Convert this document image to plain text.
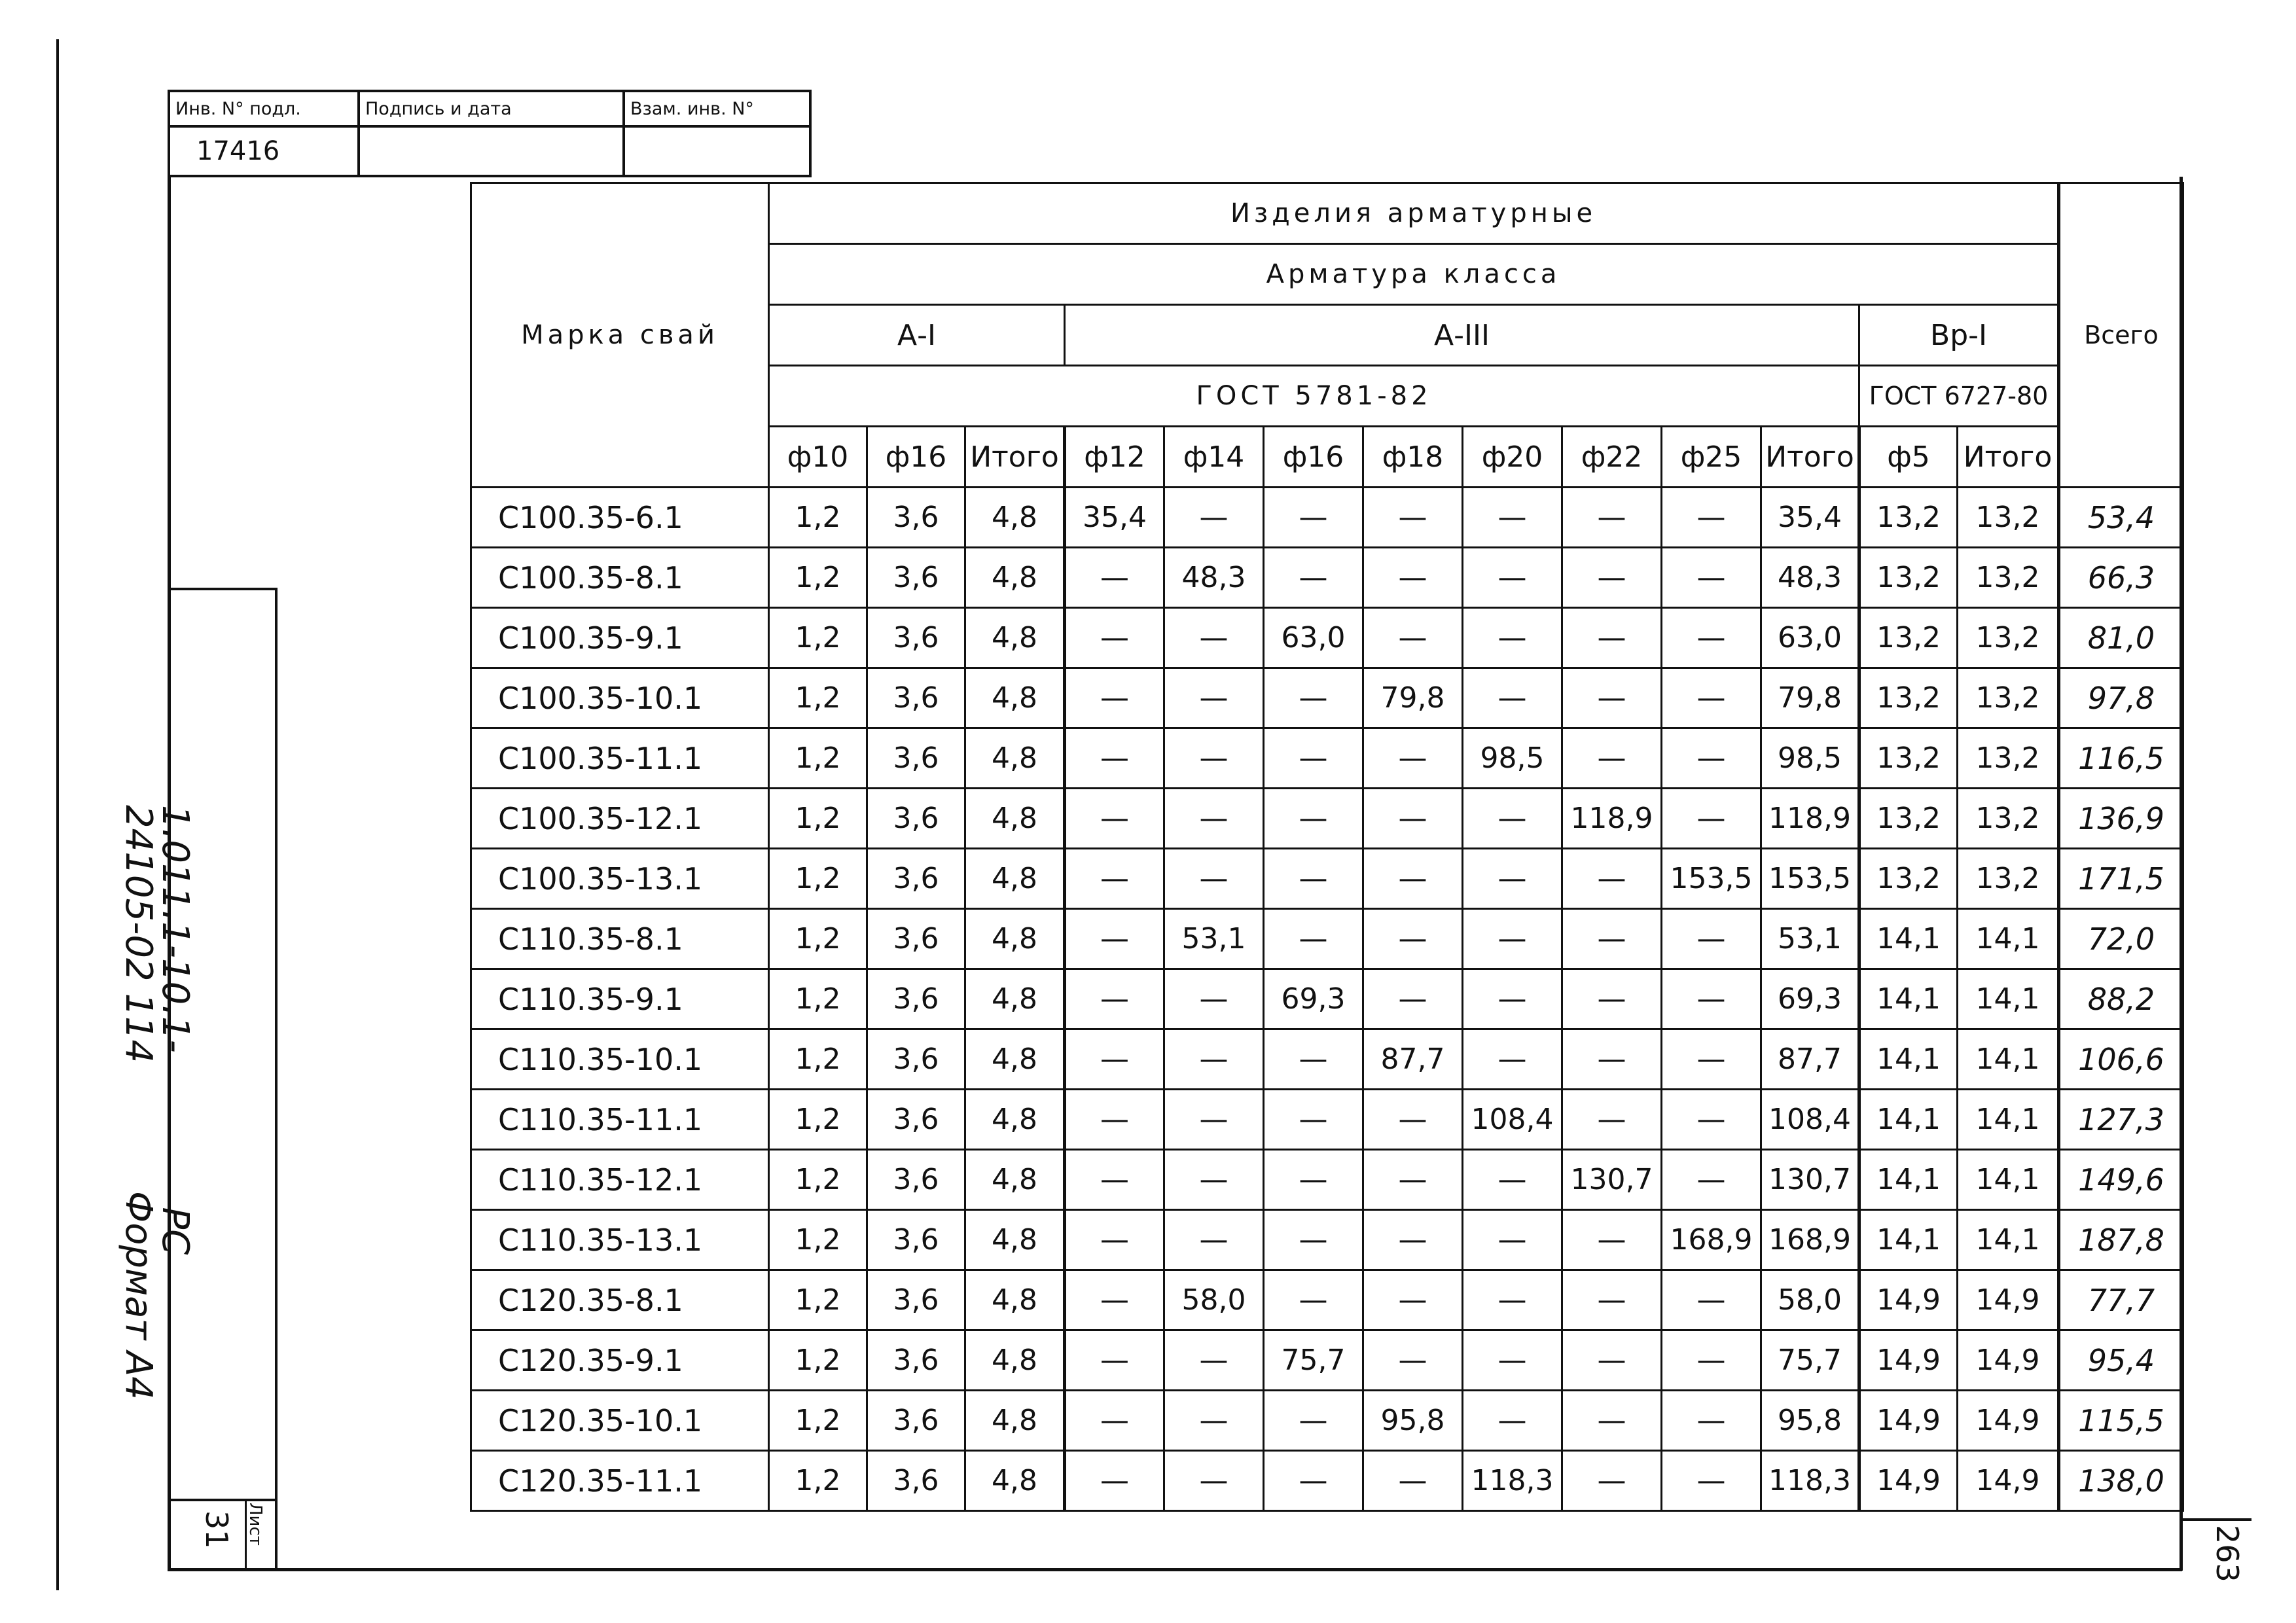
Инв. N° подл.	Подпись и дата	Взам. инв. N°
17416		
1.011.1-10.1-  РС
24105-02 114
Формат А4
Лист
31	263
Марка свай	Изделия арматурные													Всего
	Арматура класса													
	А-I			А-III								Вр-I		
	ГОСТ 5781-82											ГОСТ 6727-80		
	ф10	ф16	Итого	ф12	ф14	ф16	ф18	ф20	ф22	ф25	Итого	ф5	Итого	
С100.35-6.1	1,2	3,6	4,8	35,4	—	—	—	—	—	—	35,4	13,2	13,2	53,4
С100.35-8.1	1,2	3,6	4,8	—	48,3	—	—	—	—	—	48,3	13,2	13,2	66,3
С100.35-9.1	1,2	3,6	4,8	—	—	63,0	—	—	—	—	63,0	13,2	13,2	81,0
С100.35-10.1	1,2	3,6	4,8	—	—	—	79,8	—	—	—	79,8	13,2	13,2	97,8
С100.35-11.1	1,2	3,6	4,8	—	—	—	—	98,5	—	—	98,5	13,2	13,2	116,5
С100.35-12.1	1,2	3,6	4,8	—	—	—	—	—	118,9	—	118,9	13,2	13,2	136,9
С100.35-13.1	1,2	3,6	4,8	—	—	—	—	—	—	153,5	153,5	13,2	13,2	171,5
С110.35-8.1	1,2	3,6	4,8	—	53,1	—	—	—	—	—	53,1	14,1	14,1	72,0
С110.35-9.1	1,2	3,6	4,8	—	—	69,3	—	—	—	—	69,3	14,1	14,1	88,2
С110.35-10.1	1,2	3,6	4,8	—	—	—	87,7	—	—	—	87,7	14,1	14,1	106,6
С110.35-11.1	1,2	3,6	4,8	—	—	—	—	108,4	—	—	108,4	14,1	14,1	127,3
С110.35-12.1	1,2	3,6	4,8	—	—	—	—	—	130,7	—	130,7	14,1	14,1	149,6
С110.35-13.1	1,2	3,6	4,8	—	—	—	—	—	—	168,9	168,9	14,1	14,1	187,8
С120.35-8.1	1,2	3,6	4,8	—	58,0	—	—	—	—	—	58,0	14,9	14,9	77,7
С120.35-9.1	1,2	3,6	4,8	—	—	75,7	—	—	—	—	75,7	14,9	14,9	95,4
С120.35-10.1	1,2	3,6	4,8	—	—	—	95,8	—	—	—	95,8	14,9	14,9	115,5
С120.35-11.1	1,2	3,6	4,8	—	—	—	—	118,3	—	—	118,3	14,9	14,9	138,0
